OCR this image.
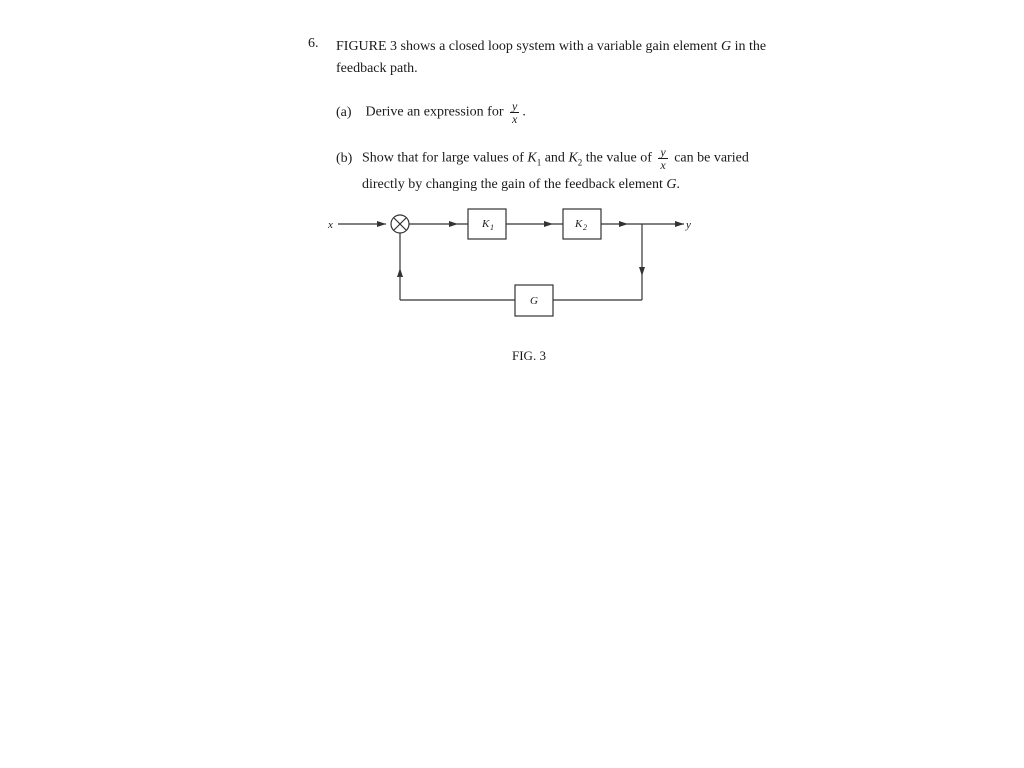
6. FIGURE 3 shows a closed loop system with a variable gain element G in the feedback path.
(a) Derive an expression for $\frac{y}{x}$ .
(b) Show that for large values of $K_1$ and $K_2$ the value of $\frac{y}{x}$ can be varied
directly by changing the gain of the feedback element G.
x	y
K 1	K 2
G
FIG. 3
